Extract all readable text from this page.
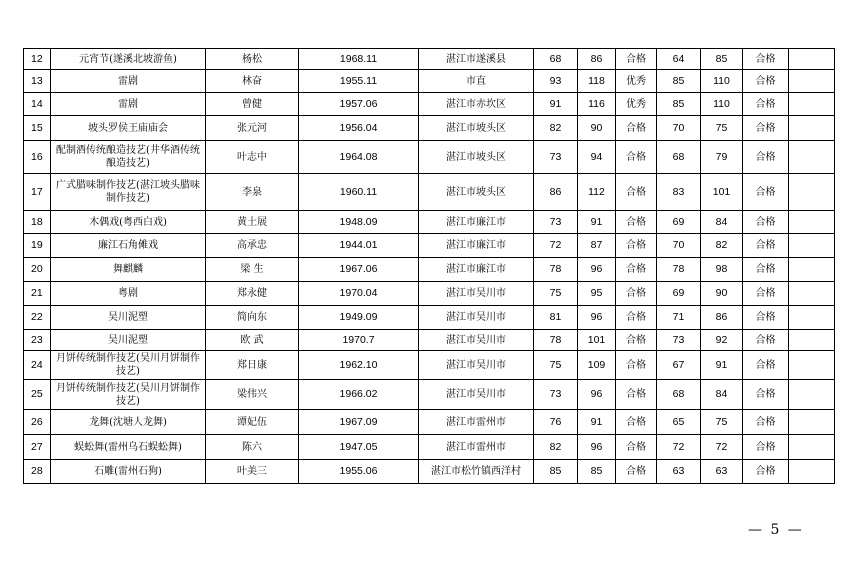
12	元宵节(遂溪北坡游鱼)	杨松	1968.11	湛江市遂溪县	68	86	合格	64	85	合格	
13	雷剧	林奋	1955.11	市直	93	118	优秀	85	110	合格	
14	雷剧	曾健	1957.06	湛江市赤坎区	91	116	优秀	85	110	合格	
15	坡头罗侯王庙庙会	张元河	1956.04	湛江市坡头区	82	90	合格	70	75	合格	
16	配制酒传统酿造技艺(井华酒传统酿造技艺)	叶志中	1964.08	湛江市坡头区	73	94	合格	68	79	合格	
17	广式腊味制作技艺(湛江坡头腊味制作技艺)	李泉	1960.11	湛江市坡头区	86	112	合格	83	101	合格	
18	木偶戏(粤西白戏)	黄土展	1948.09	湛江市廉江市	73	91	合格	69	84	合格	
19	廉江石角傩戏	高承忠	1944.01	湛江市廉江市	72	87	合格	70	82	合格	
20	舞麒麟	梁 生	1967.06	湛江市廉江市	78	96	合格	78	98	合格	
21	粤剧	郑永健	1970.04	湛江市吴川市	75	95	合格	69	90	合格	
22	吴川泥塑	简向东	1949.09	湛江市吴川市	81	96	合格	71	86	合格	
23	吴川泥塑	欧 武	1970.7	湛江市吴川市	78	101	合格	73	92	合格	
24	月饼传统制作技艺(吴川月饼制作技艺)	郑日康	1962.10	湛江市吴川市	75	109	合格	67	91	合格	
25	月饼传统制作技艺(吴川月饼制作技艺)	梁伟兴	1966.02	湛江市吴川市	73	96	合格	68	84	合格	
26	龙舞(沈塘人龙舞)	谭妃伍	1967.09	湛江市雷州市	76	91	合格	65	75	合格	
27	蜈蚣舞(雷州乌石蜈蚣舞)	陈六	1947.05	湛江市雷州市	82	96	合格	72	72	合格	
28	石雕(雷州石狗)	叶美三	1955.06	湛江市松竹镇西洋村	85	85	合格	63	63	合格	
— 5 —
